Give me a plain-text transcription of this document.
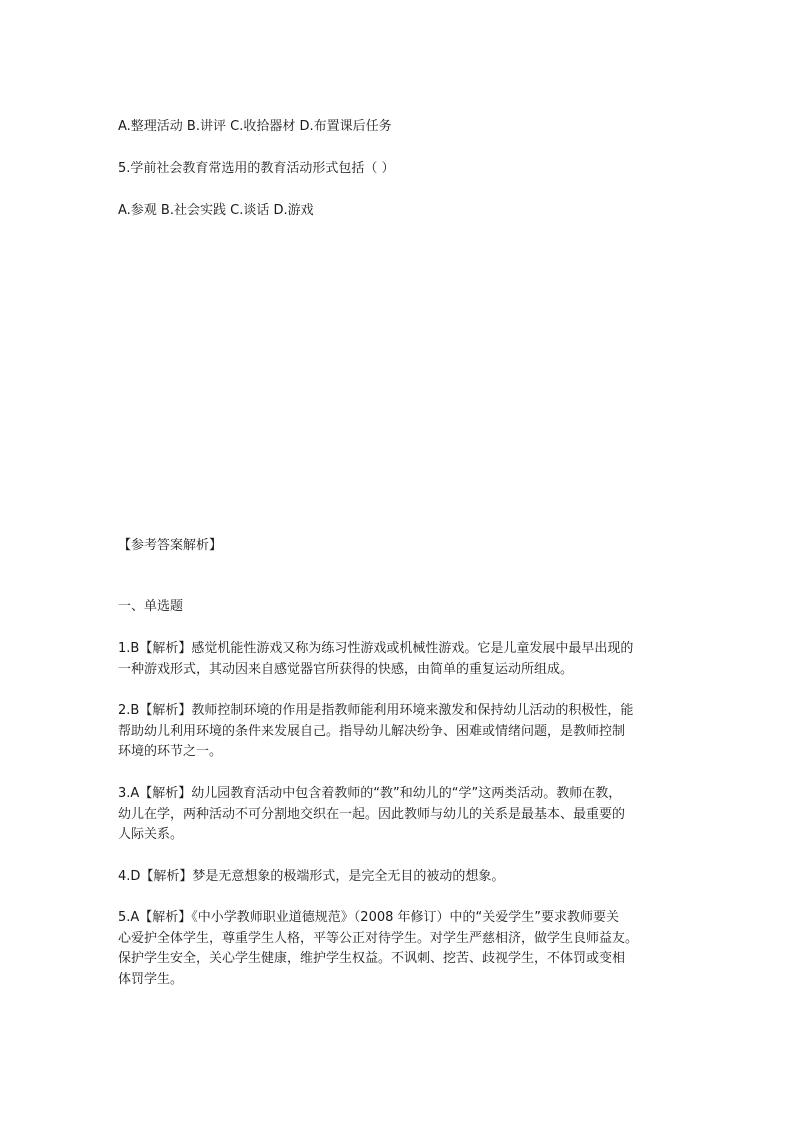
A.整理活动 B.讲评 C.收拾器材 D.布置课后任务
5.学前社会教育常选用的教育活动形式包括（ ）
A.参观 B.社会实践 C.谈话 D.游戏
【参考答案解析】
一、单选题

1.B【解析】感觉机能性游戏又称为练习性游戏或机械性游戏。它是儿童发展中最早出现的

一种游戏形式，其动因来自感觉器官所获得的快感，由简单的重复运动所组成。

2.B【解析】教师控制环境的作用是指教师能利用环境来激发和保持幼儿活动的积极性，能

帮助幼儿利用环境的条件来发展自己。指导幼儿解决纷争、困难或情绪问题，是教师控制

环境的环节之一。

3.A【解析】幼儿园教育活动中包含着教师的“教”和幼儿的“学”这两类活动。教师在教，

幼儿在学，两种活动不可分割地交织在一起。因此教师与幼儿的关系是最基本、最重要的

人际关系。

4.D【解析】梦是无意想象的极端形式，是完全无目的被动的想象。

5.A【解析】《中小学教师职业道德规范》（2008 年修订）中的“关爱学生”要求教师要关

心爱护全体学生，尊重学生人格，平等公正对待学生。对学生严慈相济，做学生良师益友。

保护学生安全，关心学生健康，维护学生权益。不讽刺、挖苦、歧视学生，不体罚或变相

体罚学生。
